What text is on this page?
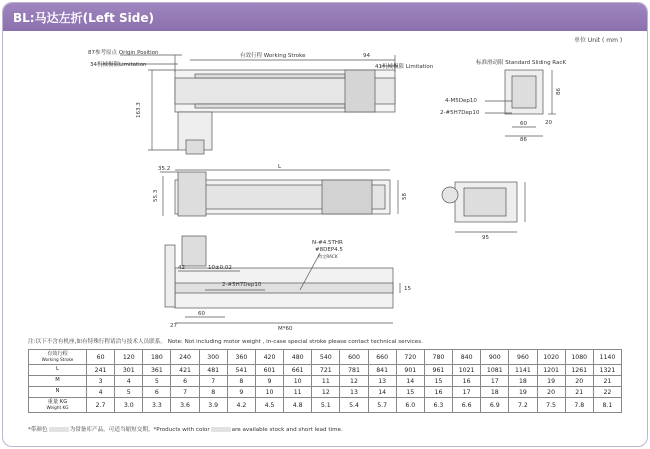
BL:马达左折(Left Side)
单位 Unit ( mm )
87参考原点 Origin Position
34机械极限Limitation
有效行程 Working Stroke	94
41机械极限 Limitation
163.3
标准滑动限 Standard Sliding RacK
4-M5Dep10
2-#5H7Dep10
60
86
20
86
35.2	L
55.3	58
95
N-#4.5THR
#8DEP4.5
特定RACK
42	10±0.02
2-#5H7Dep10
15
27
60
M*60
注:以下不含有机座,如有特殊行程请洽与技术人员联系。 Note: Not including motor weight , in-case special stroke please contact technical services.
有效行程
Working Stroke	60	120	180	240	300	360	420	480	540	600	660	720	780	840	900	960	1020	1080	1140

L	241	301	361	421	481	541	601	661	721	781	841	901	961	1021	1081	1141	1201	1261	1321

M	3	4	5	6	7	8	9	10	11	12	13	14	15	16	17	18	19	20	21

N	4	5	6	7	8	9	10	11	12	13	14	15	16	17	18	19	20	21	22

重量 KG
Weight KG	2.7	3.0	3.3	3.6	3.9	4.2	4.5	4.8	5.1	5.4	5.7	6.0	6.3	6.6	6.9	7.2	7.5	7.8	8.1
*带颜色	为常备库产品，可适当缩短交期。*Products with color	are available stock and short lead time.
